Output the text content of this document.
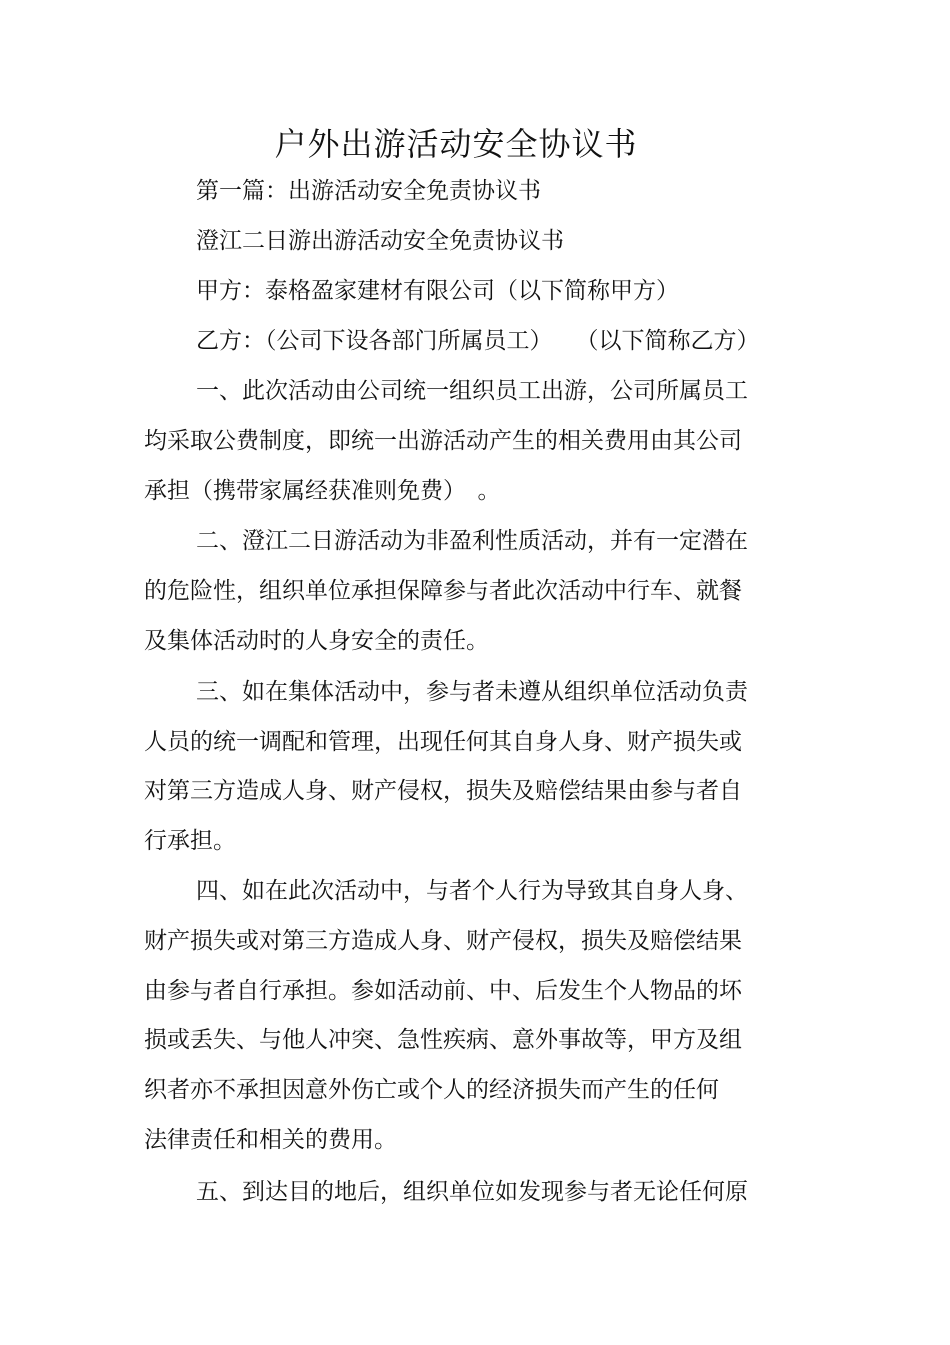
户外出游活动安全协议书

第一篇：出游活动安全免责协议书

澄江二日游出游活动安全免责协议书

甲方：泰格盈家建材有限公司（以下简称甲方）

乙方：（公司下设各部门所属员工）　　（以下简称乙方）

一、此次活动由公司统一组织员工出游，公司所属员工

均采取公费制度，即统一出游活动产生的相关费用由其公司

承担（携带家属经获准则免费）　。

二、澄江二日游活动为非盈利性质活动，并有一定潜在

的危险性，组织单位承担保障参与者此次活动中行车、就餐

及集体活动时的人身安全的责任。

三、如在集体活动中，参与者未遵从组织单位活动负责

人员的统一调配和管理，出现任何其自身人身、财产损失或

对第三方造成人身、财产侵权，损失及赔偿结果由参与者自

行承担。

四、如在此次活动中，与者个人行为导致其自身人身、

财产损失或对第三方造成人身、财产侵权，损失及赔偿结果

由参与者自行承担。参如活动前、中、后发生个人物品的坏

损或丢失、与他人冲突、急性疾病、意外事故等，甲方及组

织者亦不承担因意外伤亡或个人的经济损失而产生的任何

法律责任和相关的费用。

五、到达目的地后，组织单位如发现参与者无论任何原
